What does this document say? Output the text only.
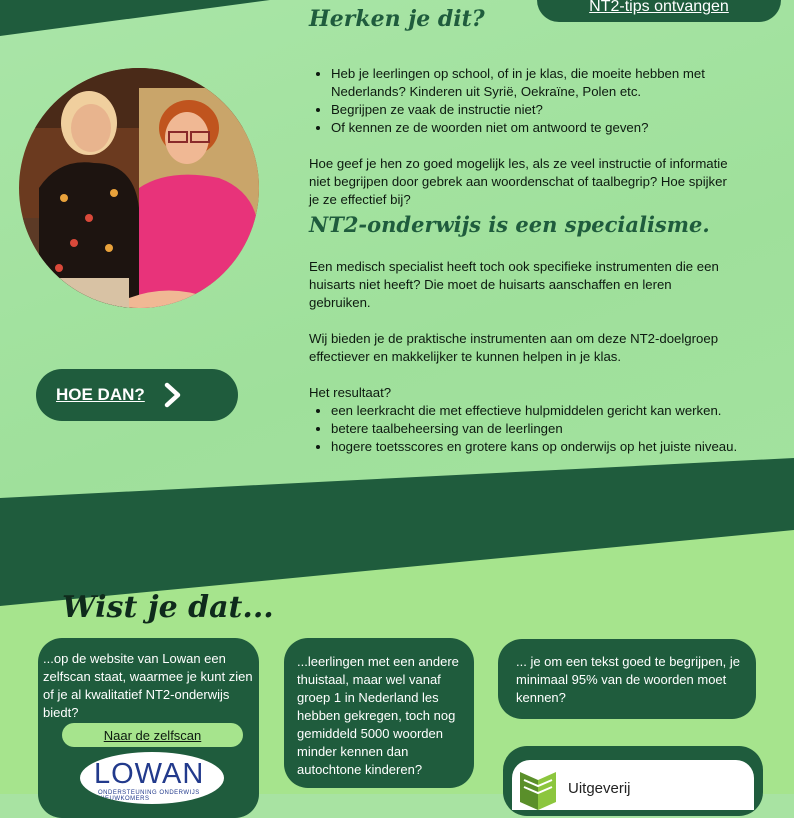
NT2-tips ontvangen
Herken je dit?
• Heb je leerlingen op school, of in je klas, die moeite hebben met Nederlands? Kinderen uit Syrië, Oekraïne, Polen etc.
• Begrijpen ze vaak de instructie niet?
• Of kennen ze de woorden niet om antwoord te geven?

Hoe geef je hen zo goed mogelijk les, als ze veel instructie of informatie niet begrijpen door gebrek aan woordenschat of taalbegrip? Hoe spijker je ze effectief bij?

NT2-onderwijs is een specialisme.

Een medisch specialist heeft toch ook specifieke instrumenten die een huisarts niet heeft? Die moet de huisarts aanschaffen en leren gebruiken.

Wij bieden je de praktische instrumenten aan om deze NT2-doelgroep effectiever en makkelijker te kunnen helpen in je klas.

Het resultaat?

• een leerkracht die met effectieve hulpmiddelen gericht kan werken.
• betere taalbeheersing van de leerlingen
• hogere toetsscores en grotere kans op onderwijs op het juiste niveau.
HOE DAN?
Wist je dat...
...op de website van Lowan een zelfscan staat, waarmee je kunt zien of je al kwalitatief NT2-onderwijs biedt?
Naar de zelfscan
LOWAN
ONDERSTEUNING ONDERWIJS NIEUWKOMERS
...leerlingen met een andere thuistaal, maar wel vanaf groep 1 in Nederland les hebben gekregen, toch nog gemiddeld 5000 woorden minder kennen dan autochtone kinderen?
... je om een tekst goed te begrijpen, je minimaal 95% van de woorden moet kennen?
Uitgeverij
